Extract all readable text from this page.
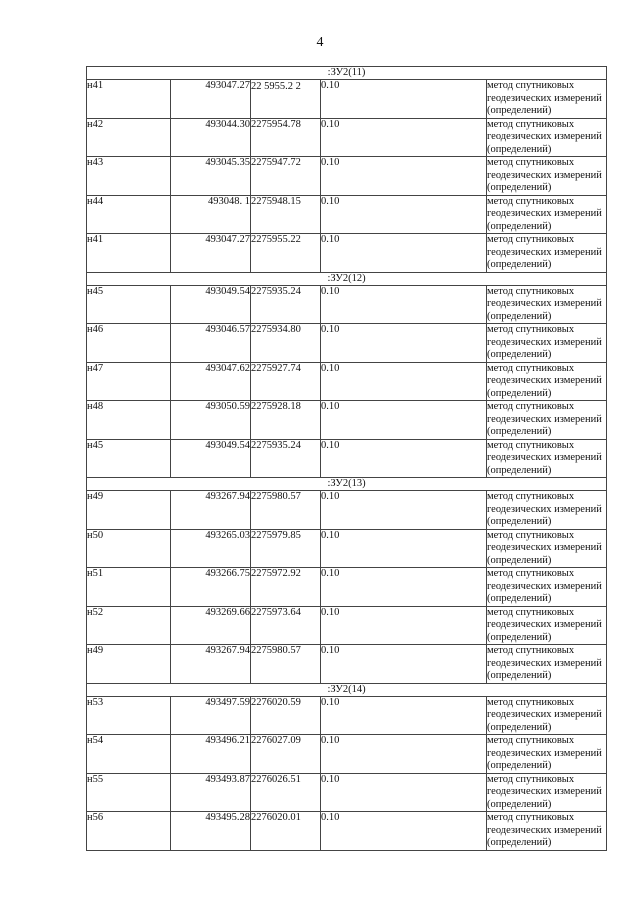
4
:ЗУ2(11)				
н41	493047.27	22 5955.2 2	0.10	метод спутниковых геодезических измерений (определений)
н42	493044.30	2275954.78	0.10	метод спутниковых геодезических измерений (определений)
н43	493045.35	2275947.72	0.10	метод спутниковых геодезических измерений (определений)
н44	493048. 1	2275948.15	0.10	метод спутниковых геодезических измерений (определений)
н41	493047.27	2275955.22	0.10	метод спутниковых геодезических измерений (определений)
:ЗУ2(12)				
н45	493049.54	2275935.24	0.10	метод спутниковых геодезических измерений (определений)
н46	493046.57	2275934.80	0.10	метод спутниковых геодезических измерений (определений)
н47	493047.62	2275927.74	0.10	метод спутниковых геодезических измерений (определений)
н48	493050.59	2275928.18	0.10	метод спутниковых геодезических измерений (определений)
н45	493049.54	2275935.24	0.10	метод спутниковых геодезических измерений (определений)
:ЗУ2(13)				
н49	493267.94	2275980.57	0.10	метод спутниковых геодезических измерений (определений)
н50	493265.03	2275979.85	0.10	метод спутниковых геодезических измерений (определений)
н51	493266.75	2275972.92	0.10	метод спутниковых геодезических измерений (определений)
н52	493269.66	2275973.64	0.10	метод спутниковых геодезических измерений (определений)
н49	493267.94	2275980.57	0.10	метод спутниковых геодезических измерений (определений)
:ЗУ2(14)				
н53	493497.59	2276020.59	0.10	метод спутниковых геодезических измерений (определений)
н54	493496.21	2276027.09	0.10	метод спутниковых геодезических измерений (определений)
н55	493493.87	2276026.51	0.10	метод спутниковых геодезических измерений (определений)
н56	493495.28	2276020.01	0.10	метод спутниковых геодезических измерений (определений)
